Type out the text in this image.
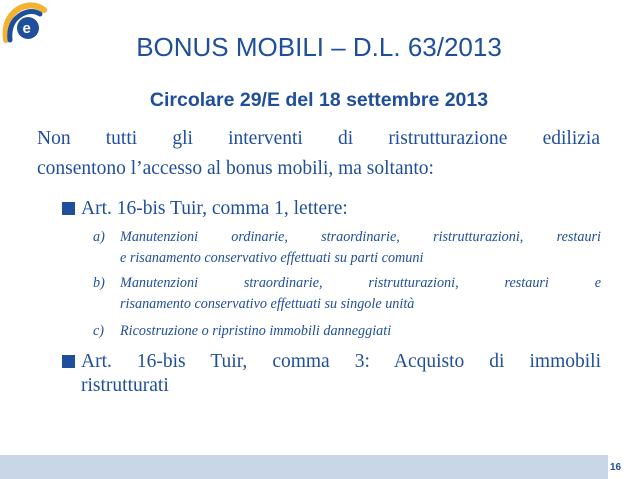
e
BONUS MOBILI – D.L. 63/2013
Circolare 29/E del 18 settembre 2013
Non tutti gli interventi di ristrutturazione edilizia
consentono l’accesso al bonus mobili, ma soltanto:
Art. 16-bis Tuir, comma 1, lettere:
a) Manutenzioni ordinarie, straordinarie, ristrutturazioni, restauri
e risanamento conservativo effettuati su parti comuni
b) Manutenzioni straordinarie, ristrutturazioni, restauri e
risanamento conservativo effettuati su singole unità
c)	Ricostruzione o ripristino immobili danneggiati
Art. 16-bis Tuir, comma 3: Acquisto di immobili
ristrutturati
16
